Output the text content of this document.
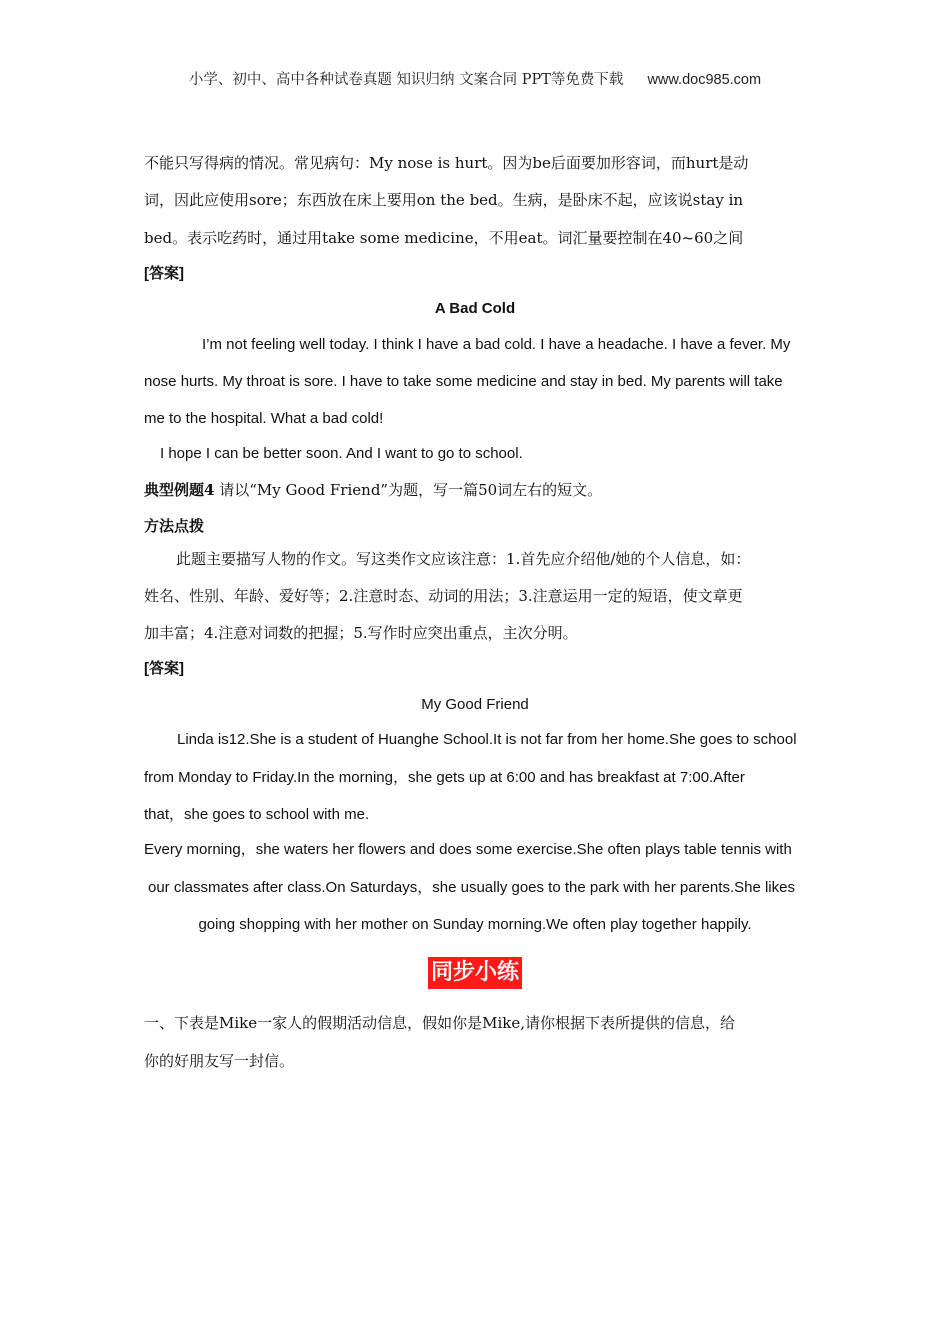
小学、初中、高中各种试卷真题 知识归纳 文案合同 PPT等免费下载 www.doc985.com
不能只写得病的情况。常见病句：My nose is hurt。因为be后面要加形容词，而hurt是动
词，因此应使用sore；东西放在床上要用on the bed。生病，是卧床不起，应该说stay in
bed。表示吃药时，通过用take some medicine，不用eat。词汇量要控制在40~60之间
[答案]
A Bad Cold
I’m not feeling well today. I think I have a bad cold. I have a headache. I have a fever. My
nose hurts. My throat is sore. I have to take some medicine and stay in bed. My parents will take
me to the hospital. What a bad cold!
I hope I can be better soon. And I want to go to school.
典型例题4 请以“My Good Friend”为题，写一篇50词左右的短文。
方法点拨
此题主要描写人物的作文。写这类作文应该注意：1.首先应介绍他/她的个人信息，如：
姓名、性别、年龄、爱好等；2.注意时态、动词的用法；3.注意运用一定的短语，使文章更
加丰富；4.注意对词数的把握；5.写作时应突出重点，主次分明。
[答案]
My Good Friend
Linda is12.She is a student of Huanghe School.It is not far from her home.She goes to school
from Monday to Friday.In the morning，she gets up at 6:00 and has breakfast at 7:00.After
that，she goes to school with me.
Every morning，she waters her flowers and does some exercise.She often plays table tennis with
our classmates after class.On Saturdays，she usually goes to the park with her parents.She likes
going shopping with her mother on Sunday morning.We often play together happily.
同步小练
一、下表是Mike一家人的假期活动信息，假如你是Mike,请你根据下表所提供的信息，给
你的好朋友写一封信。
